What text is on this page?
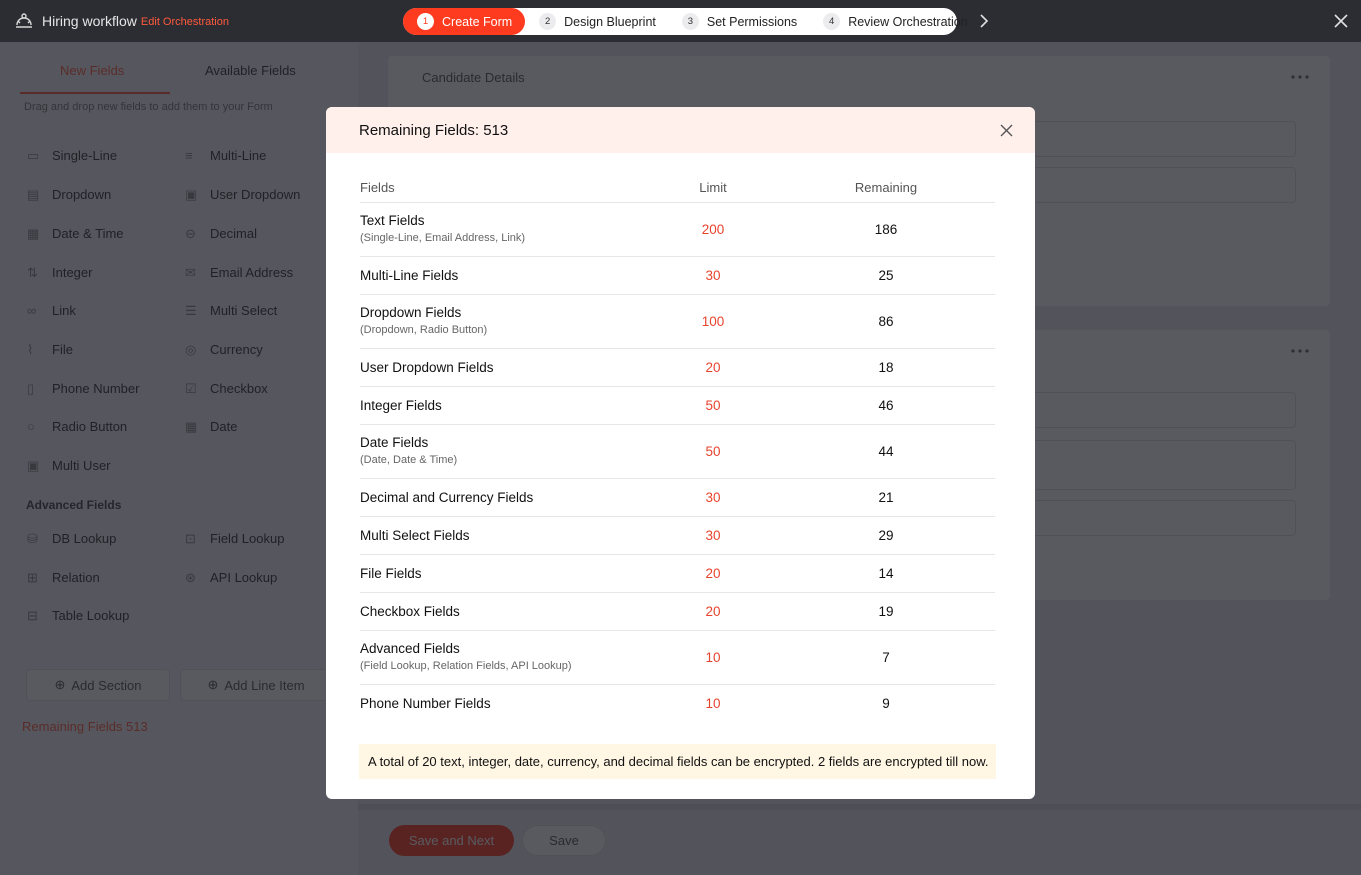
Hiring workflow Edit Orchestration	1	Create Form	2	Design Blueprint	3	Set Permissions	4	Review Orchestration
Remaining Fields: 513
Fields	Limit	Remaining
Text Fields
(Single-Line, Email Address, Link)
200	186
Multi-Line Fields	30	25
Dropdown Fields
(Dropdown, Radio Button)
100	86
User Dropdown Fields	20	18
Integer Fields	50	46
Date Fields
(Date, Date & Time)
50	44
Decimal and Currency Fields	30	21
Multi Select Fields	30	29
File Fields	20	14
Checkbox Fields	20	19
Advanced Fields
(Field Lookup, Relation Fields, API Lookup)
10	7
Phone Number Fields	10	9
A total of 20 text, integer, date, currency, and decimal fields can be encrypted. 2 fields are encrypted till now.
